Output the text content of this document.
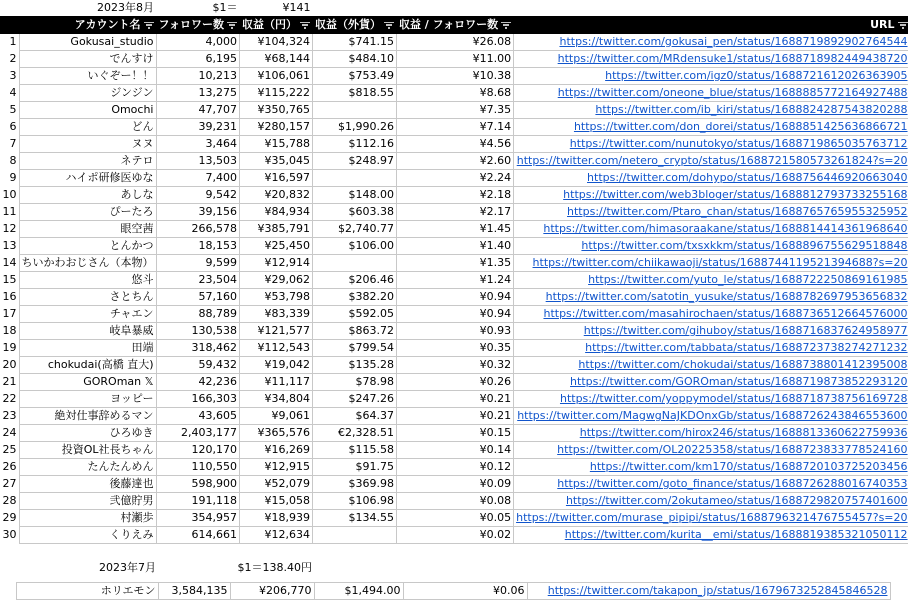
	2023年8月	$1＝	¥141			
	アカウント名	フォロワー数	収益（円）	収益（外貨）	収益 / フォロワー数	URL

1	Gokusai_studio	4,000	¥104,324	$741.15	¥26.08	https://twitter.com/gokusai_pen/status/1688719892902764544
2	でんすけ	6,195	¥68,144	$484.10	¥11.00	https://twitter.com/MRdensuke1/status/1688718982449438720
3	いぐぞー！！	10,213	¥106,061	$753.49	¥10.38	https://twitter.com/igz0/status/1688721612026363905
4	ジンジン	13,275	¥115,222	$818.55	¥8.68	https://twitter.com/oneone_blue/status/1688885772164927488
5	Omochi	47,707	¥350,765		¥7.35	https://twitter.com/ib_kiri/status/1688824287543820288
6	どん	39,231	¥280,157	$1,990.26	¥7.14	https://twitter.com/don_dorei/status/1688851425636866721
7	ヌヌ	3,464	¥15,788	$112.16	¥4.56	https://twitter.com/nunutokyo/status/1688719865035763712
8	ネテロ	13,503	¥35,045	$248.97	¥2.60	https://twitter.com/netero_crypto/status/1688721580573261824?s=20
9	ハイポ研修医ゆな	7,400	¥16,597		¥2.24	https://twitter.com/dohypo/status/1688756446920663040
10	あしな	9,542	¥20,832	$148.00	¥2.18	https://twitter.com/web3bloger/status/1688812793733255168
11	ぴーたろ	39,156	¥84,934	$603.38	¥2.17	https://twitter.com/Ptaro_chan/status/1688765765955325952
12	眼空茜	266,578	¥385,791	$2,740.77	¥1.45	https://twitter.com/himasoraakane/status/1688814414361968640
13	とんかつ	18,153	¥25,450	$106.00	¥1.40	https://twitter.com/txsxkkm/status/1688896755629518848
14	ちいかわおじさん（本物）	9,599	¥12,914		¥1.35	https://twitter.com/chiikawaoji/status/1688744119521394688?s=20
15	悠斗	23,504	¥29,062	$206.46	¥1.24	https://twitter.com/yuto_le/status/1688722250869161985
16	さとちん	57,160	¥53,798	$382.20	¥0.94	https://twitter.com/satotin_yusuke/status/1688782697953656832
17	チャエン	88,789	¥83,339	$592.05	¥0.94	https://twitter.com/masahirochaen/status/1688736512664576000
18	岐阜暴威	130,538	¥121,577	$863.72	¥0.93	https://twitter.com/gihuboy/status/1688716837624958977
19	田端	318,462	¥112,543	$799.54	¥0.35	https://twitter.com/tabbata/status/1688723738274271232
20	chokudai(高橋 直大)	59,432	¥19,042	$135.28	¥0.32	https://twitter.com/chokudai/status/1688738801412395008
21	GOROman 𝕏	42,236	¥11,117	$78.98	¥0.26	https://twitter.com/GOROman/status/1688719873852293120
22	ヨッピー	166,303	¥34,804	$247.26	¥0.21	https://twitter.com/yoppymodel/status/1688718738756169728
23	絶対仕事辞めるマン	43,605	¥9,061	$64.37	¥0.21	https://twitter.com/MagwgNaJKDOnxGb/status/1688726243846553600
24	ひろゆき	2,403,177	¥365,576	€2,328.51	¥0.15	https://twitter.com/hirox246/status/1688813360622759936
25	投資OL社長ちゃん	120,170	¥16,269	$115.58	¥0.14	https://twitter.com/OL20225358/status/1688723833778524160
26	たんたんめん	110,550	¥12,915	$91.75	¥0.12	https://twitter.com/km170/status/1688720103725203456
27	後藤達也	598,900	¥52,079	$369.98	¥0.09	https://twitter.com/goto_finance/status/1688726288016740353
28	弐億貯男	191,118	¥15,058	$106.98	¥0.08	https://twitter.com/2okutameo/status/1688729820757401600
29	村瀬歩	354,957	¥18,939	$134.55	¥0.05	https://twitter.com/murase_pipipi/status/1688796321476755457?s=20
30	くりえみ	614,661	¥12,634		¥0.02	https://twitter.com/kurita__emi/status/1688819385321050112
	2023年7月		$1＝138.40円			
	ホリエモン	3,584,135	¥206,770	$1,494.00	¥0.06	https://twitter.com/takapon_jp/status/1679673252845846528
